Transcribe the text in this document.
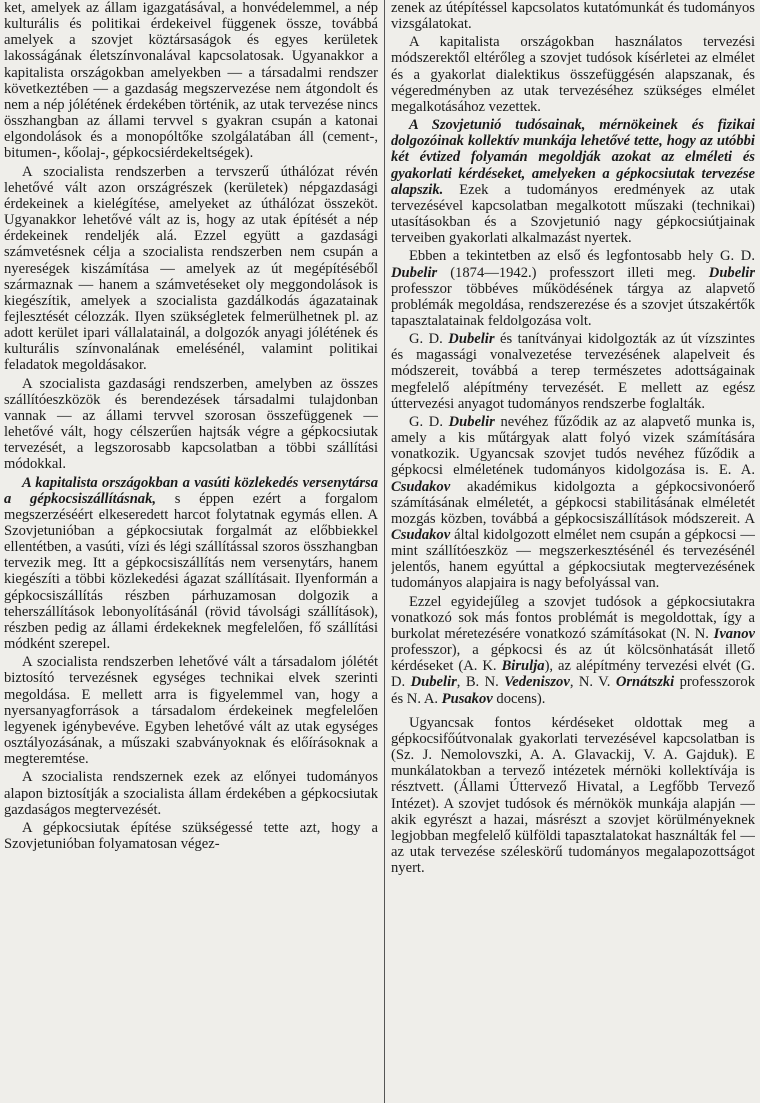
ket, amelyek az állam igazgatásával, a honvédelemmel, a nép kulturális és politikai érdekeivel függenek össze, továbbá amelyek a szovjet köztársaságok és egyes kerületek lakosságának életszínvonalával kapcsolatosak. Ugyanakkor a kapitalista országokban amelyekben — a társadalmi rendszer következtében — a gazdaság megszervezése nem átgondolt és nem a nép jólétének érdekében történik, az utak tervezése nincs összhangban az állami tervvel s gyakran csupán a katonai elgondolások és a monopóltőke szolgálatában áll (cement-, bitumen-, kőolaj-, gépkocsiérdekeltségek).

A szocialista rendszerben a tervszerű úthálózat révén lehetővé vált azon országrészek (kerületek) népgazdasági érdekeinek a kielégítése, amelyeket az úthálózat összeköt. Ugyanakkor lehetővé vált az is, hogy az utak építését a nép érdekeinek rendeljék alá. Ezzel együtt a gazdasági számvetésnek célja a szocialista rendszerben nem csupán a nyereségek kiszámítása — amelyek az út megépítéséből származnak — hanem a számvetéseket oly meggondolások is kiegészítik, amelyek a szocialista gazdálkodás ágazatainak fejlesztését célozzák. Ilyen szükségletek felmerülhetnek pl. az adott kerület ipari vállalatainál, a dolgozók anyagi jólétének és kulturális színvonalának emelésénél, valamint politikai feladatok megoldásakor.

A szocialista gazdasági rendszerben, amelyben az összes szállítóeszközök és berendezések társadalmi tulajdonban vannak — az állami tervvel szorosan összefüggenek — lehetővé vált, hogy célszerűen hajtsák végre a gépkocsiutak tervezését, a legszorosabb kapcsolatban a többi szállítási módokkal.

A kapitalista országokban a vasúti közlekedés versenytársa a gépkocsiszállításnak, s éppen ezért a forgalom megszerzéséért elkeseredett harcot folytatnak egymás ellen. A Szovjetunióban a gépkocsiutak forgalmát az előbbiekkel ellentétben, a vasúti, vízi és légi szállítással szoros összhangban tervezik meg. Itt a gépkocsiszállítás nem versenytárs, hanem kiegészíti a többi közlekedési ágazat szállításait. Ilyenformán a gépkocsiszállítás részben párhuzamosan dolgozik a teherszállítások lebonyolításánál (rövid távolsági szállítások), részben pedig az állami érdekeknek megfelelően, fő szállítási módként szerepel.

A szocialista rendszerben lehetővé vált a társadalom jólétét biztosító tervezésnek egységes technikai elvek szerinti megoldása. E mellett arra is figyelemmel van, hogy a nyersanyagforrások a társadalom érdekeinek megfelelően legyenek igénybevéve. Egyben lehetővé vált az utak egységes osztályozásának, a műszaki szabványoknak és előírásoknak a megteremtése.

A szocialista rendszernek ezek az előnyei tudományos alapon biztosítják a szocialista állam érdekében a gépkocsiutak gazdaságos megtervezését.

A gépkocsiutak építése szükségessé tette azt, hogy a Szovjetunióban folyamatosan végez-

zenek az útépítéssel kapcsolatos kutatómunkát és tudományos vizsgálatokat.

A kapitalista országokban használatos tervezési módszerektől eltérőleg a szovjet tudósok kísérletei az elmélet és a gyakorlat dialektikus összefüggésén alapszanak, és végeredményben az utak tervezéséhez szükséges elmélet megalkotásához vezettek.

A Szovjetunió tudósainak, mérnökeinek és fizikai dolgozóinak kollektív munkája lehetővé tette, hogy az utóbbi két évtized folyamán megoldják azokat az elméleti és gyakorlati kérdéseket, amelyeken a gépkocsiutak tervezése alapszik. Ezek a tudományos eredmények az utak tervezésével kapcsolatban megalkotott műszaki (technikai) utasításokban és a Szovjetunió nagy gépkocsiútjainak terveiben gyakorlati alkalmazást nyertek.

Ebben a tekintetben az első és legfontosabb hely G. D. Dubelir (1874—1942.) professzort illeti meg. Dubelir professzor többéves működésének tárgya az alapvető problémák megoldása, rendszerezése és a szovjet útszakértők tapasztalatainak feldolgozása volt.

G. D. Dubelir és tanítványai kidolgozták az út vízszintes és magassági vonalvezetése tervezésének alapelveit és módszereit, továbbá a terep természetes adottságainak megfelelő alépítmény tervezését. E mellett az egész úttervezési anyagot tudományos rendszerbe foglalták.

G. D. Dubelir nevéhez fűződik az az alapvető munka is, amely a kis műtárgyak alatt folyó vizek számítására vonatkozik. Ugyancsak szovjet tudós nevéhez fűződik a gépkocsi elméletének tudományos kidolgozása is. E. A. Csudakov akadémikus kidolgozta a gépkocsivonóerő számításának elméletét, a gépkocsi stabilitásának elméletét mozgás közben, továbbá a gépkocsiszállítások módszereit. A Csudakov által kidolgozott elmélet nem csupán a gépkocsi — mint szállítóeszköz — megszerkesztésénél és tervezésénél jelentős, hanem egyúttal a gépkocsiutak megtervezésének tudományos alapjaira is nagy befolyással van.

Ezzel egyidejűleg a szovjet tudósok a gépkocsiutakra vonatkozó sok más fontos problémát is megoldottak, így a burkolat méretezésére vonatkozó számításokat (N. N. Ivanov professzor), a gépkocsi és az út kölcsönhatását illető kérdéseket (A. K. Birulja), az alépítmény tervezési elvét (G. D. Dubelir, B. N. Vedeniszov, N. V. Ornátszki professzorok és N. A. Pusakov docens).

Ugyancsak fontos kérdéseket oldottak meg a gépkocsifőútvonalak gyakorlati tervezésével kapcsolatban is (Sz. J. Nemolovszki, A. A. Glavackij, V. A. Gajduk). E munkálatokban a tervező intézetek mérnöki kollektívája is résztvett. (Állami Úttervező Hivatal, a Legfőbb Tervező Intézet). A szovjet tudósok és mérnökök munkája alapján — akik egyrészt a hazai, másrészt a szovjet körülményeknek legjobban megfelelő külföldi tapasztalatokat használták fel — az utak tervezése széleskörű tudományos megalapozottságot nyert.
